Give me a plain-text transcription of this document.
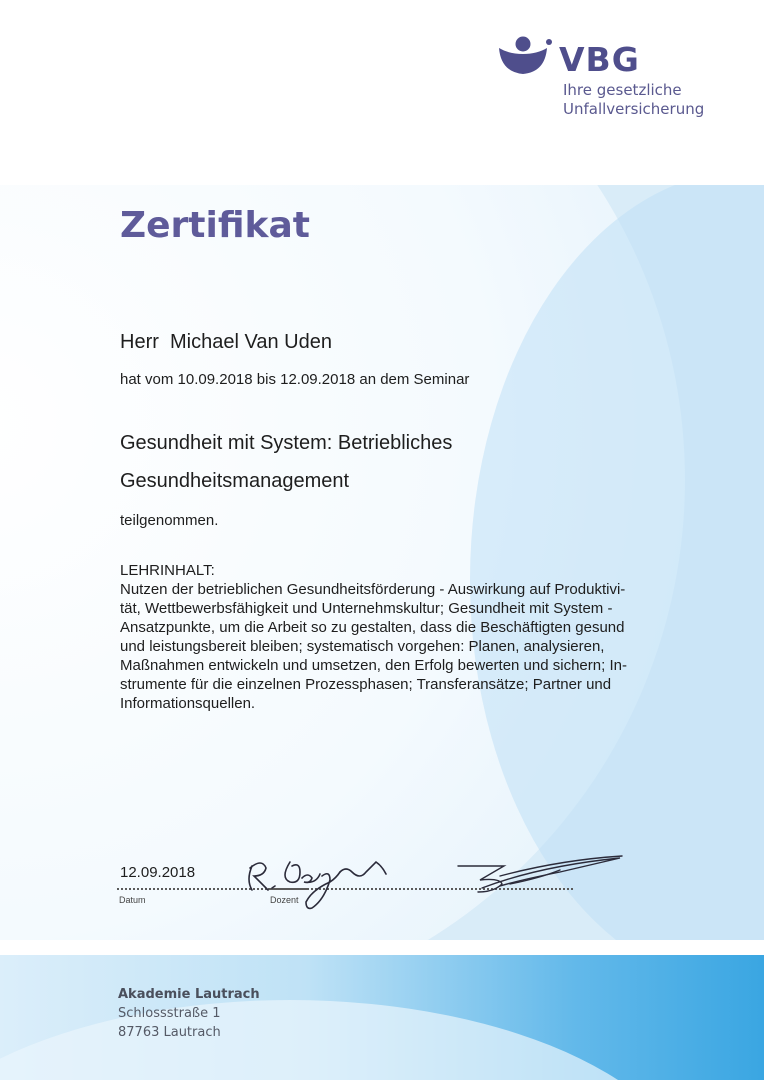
VBG
Ihre gesetzliche
Unfallversicherung
Zertifikat
Herr  Michael Van Uden
hat vom 10.09.2018 bis 12.09.2018 an dem Seminar
Gesundheit mit System: Betriebliches
Gesundheitsmanagement
teilgenommen.
LEHRINHALT:
Nutzen der betrieblichen Gesundheitsförderung - Auswirkung auf Produktivi-
tät, Wettbewerbsfähigkeit und Unternehmskultur; Gesundheit mit System -
Ansatzpunkte, um die Arbeit so zu gestalten, dass die Beschäftigten gesund
und leistungsbereit bleiben; systematisch vorgehen: Planen, analysieren,
Maßnahmen entwickeln und umsetzen, den Erfolg bewerten und sichern; In-
strumente für die einzelnen Prozessphasen; Transferansätze; Partner und
Informationsquellen.
12.09.2018
Datum	Dozent
Akademie Lautrach
Schlossstraße 1
87763 Lautrach
